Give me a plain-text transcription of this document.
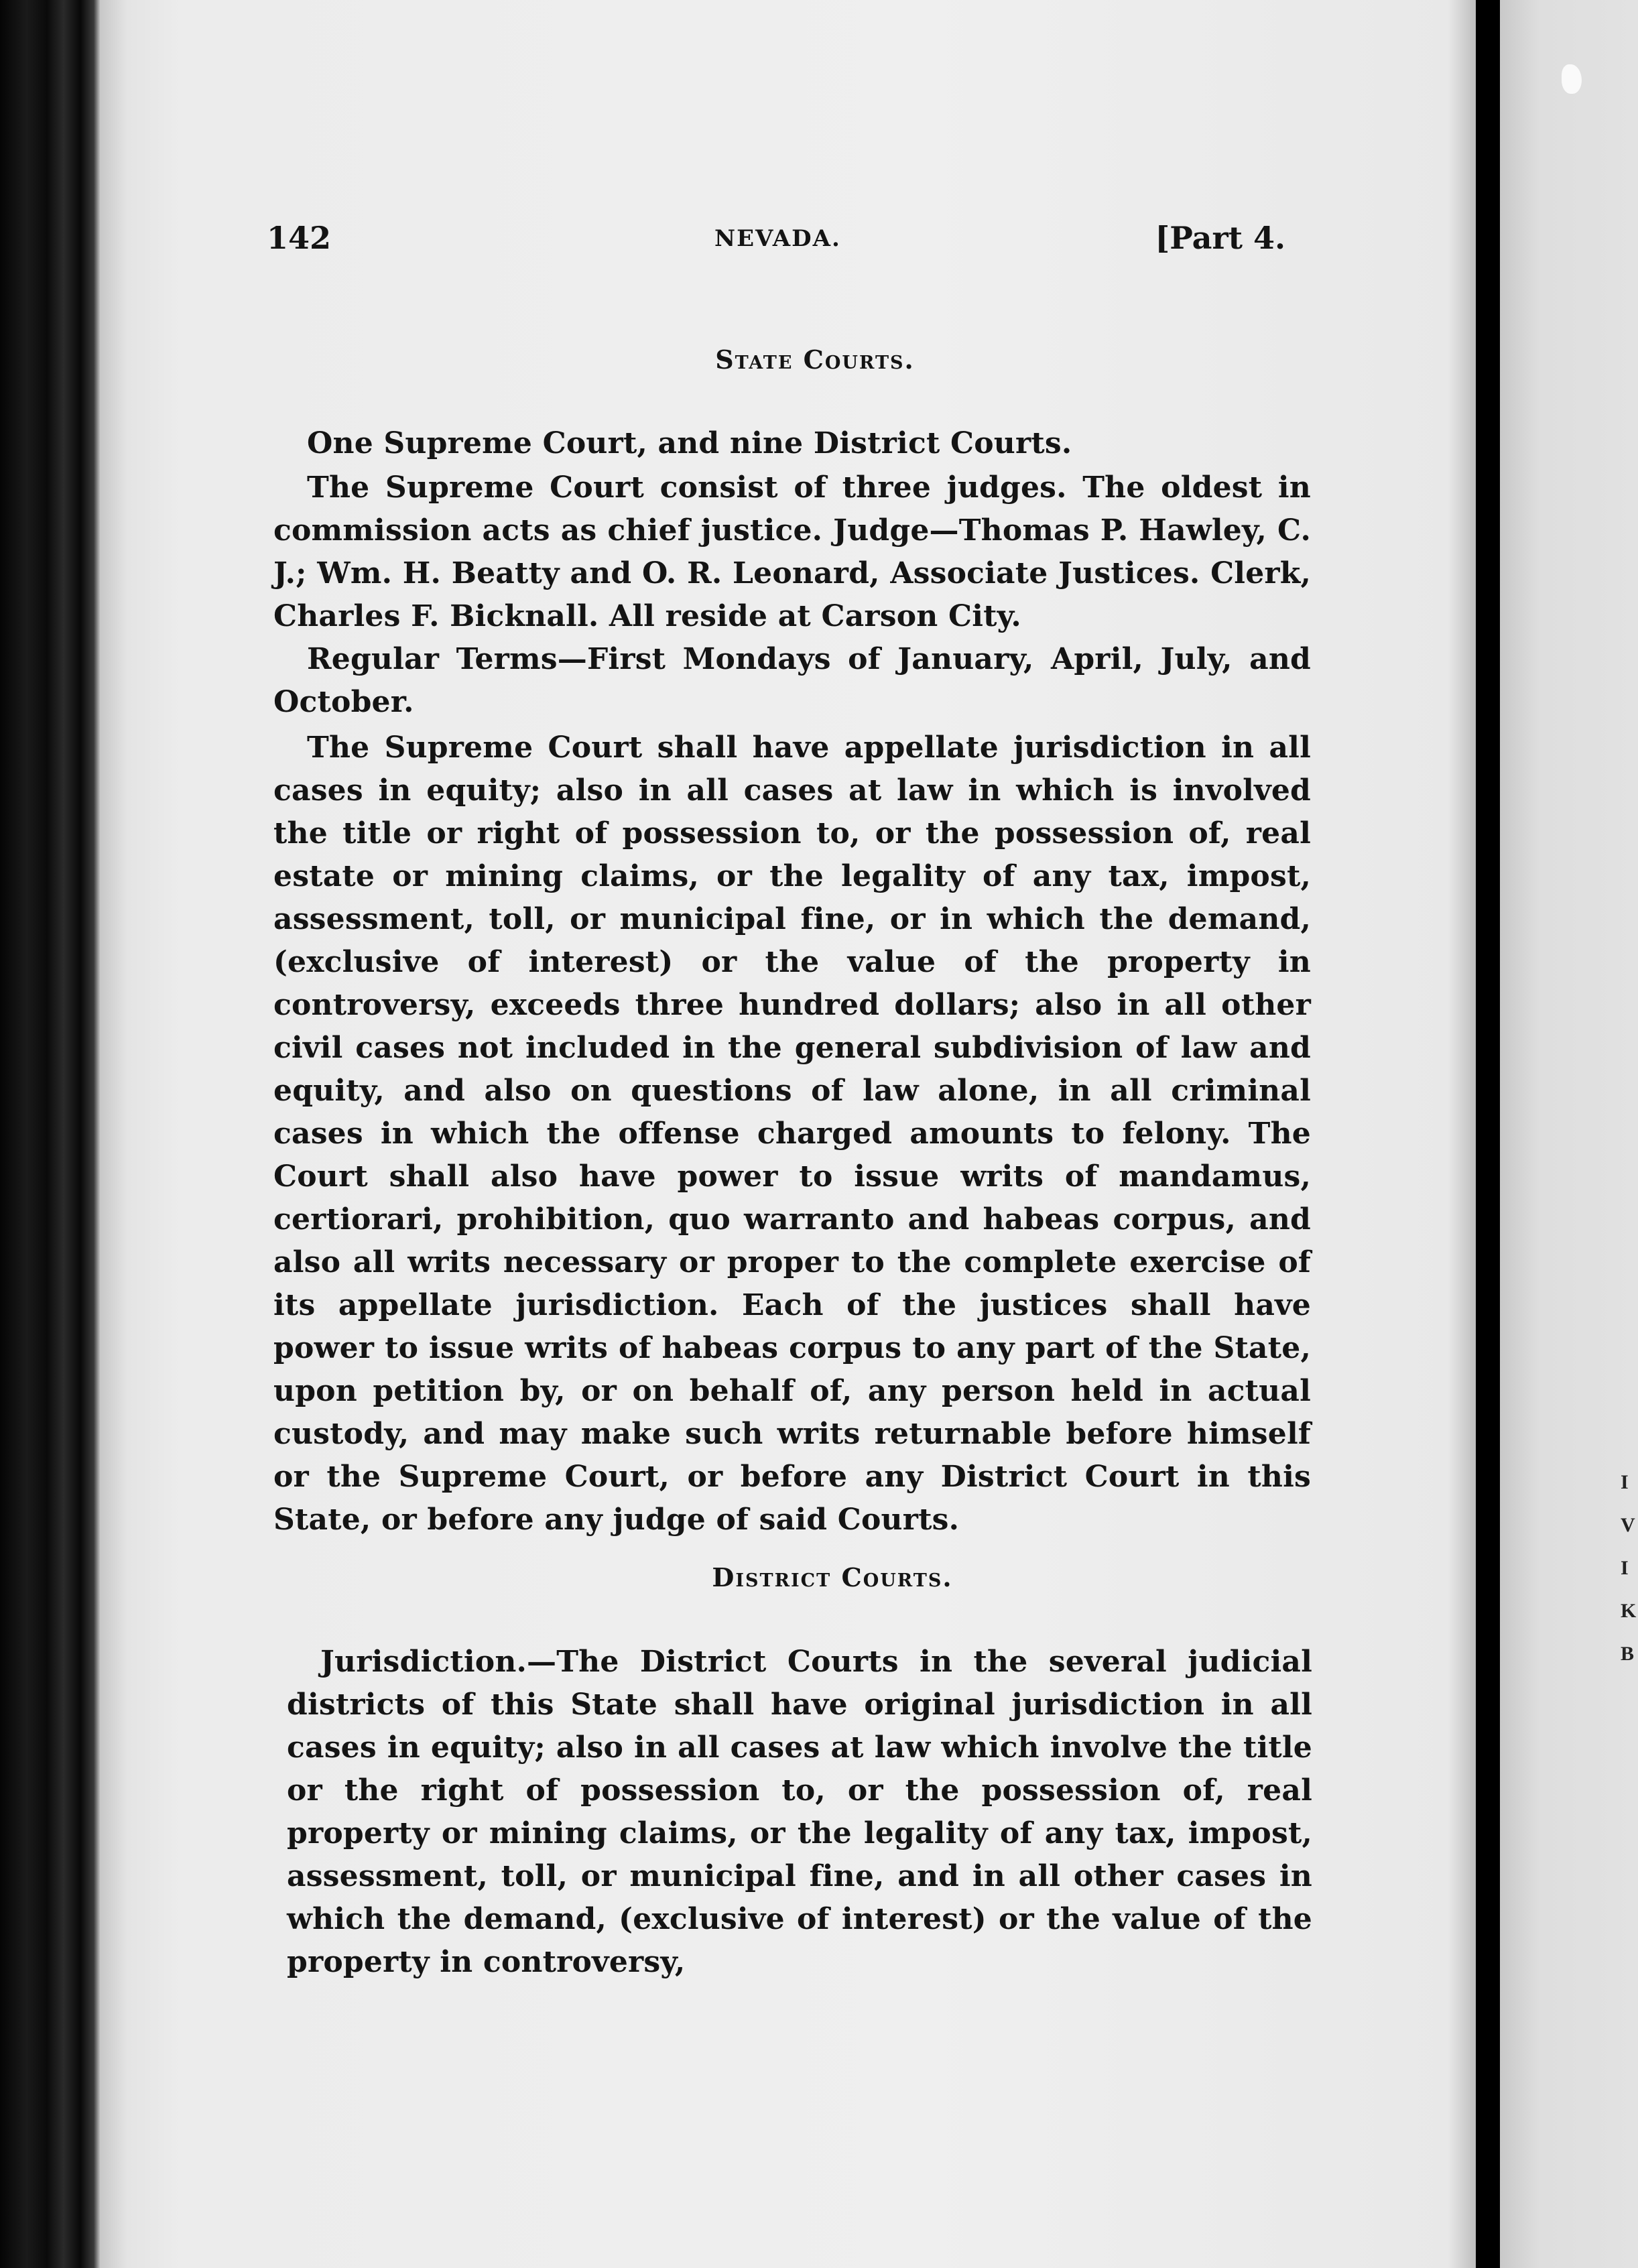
I
V
I
K
B
142	NEVADA.	[Part 4.
State Courts.

One Supreme Court, and nine District Courts.

The Supreme Court consist of three judges. The oldest in commission acts as chief justice. Judge—Thomas P. Hawley, C. J.; Wm. H. Beatty and O. R. Leonard, Associate Justices. Clerk, Charles F. Bicknall. All reside at Carson City.

Regular Terms—First Mondays of January, April, July, and October.

The Supreme Court shall have appellate jurisdiction in all cases in equity; also in all cases at law in which is involved the title or right of possession to, or the possession of, real estate or mining claims, or the legality of any tax, impost, assessment, toll, or municipal fine, or in which the demand, (exclusive of interest) or the value of the property in controversy, exceeds three hundred dollars; also in all other civil cases not included in the general subdivision of law and equity, and also on questions of law alone, in all criminal cases in which the offense charged amounts to felony. The Court shall also have power to issue writs of mandamus, certiorari, prohibition, quo warranto and habeas corpus, and also all writs necessary or proper to the complete exercise of its appellate jurisdiction. Each of the justices shall have power to issue writs of habeas corpus to any part of the State, upon petition by, or on behalf of, any person held in actual custody, and may make such writs returnable before himself or the Supreme Court, or before any District Court in this State, or before any judge of said Courts.

District Courts.

Jurisdiction.—The District Courts in the several judicial districts of this State shall have original jurisdiction in all cases in equity; also in all cases at law which involve the title or the right of possession to, or the possession of, real property or mining claims, or the legality of any tax, impost, assessment, toll, or municipal fine, and in all other cases in which the demand, (exclusive of interest) or the value of the property in controversy,
